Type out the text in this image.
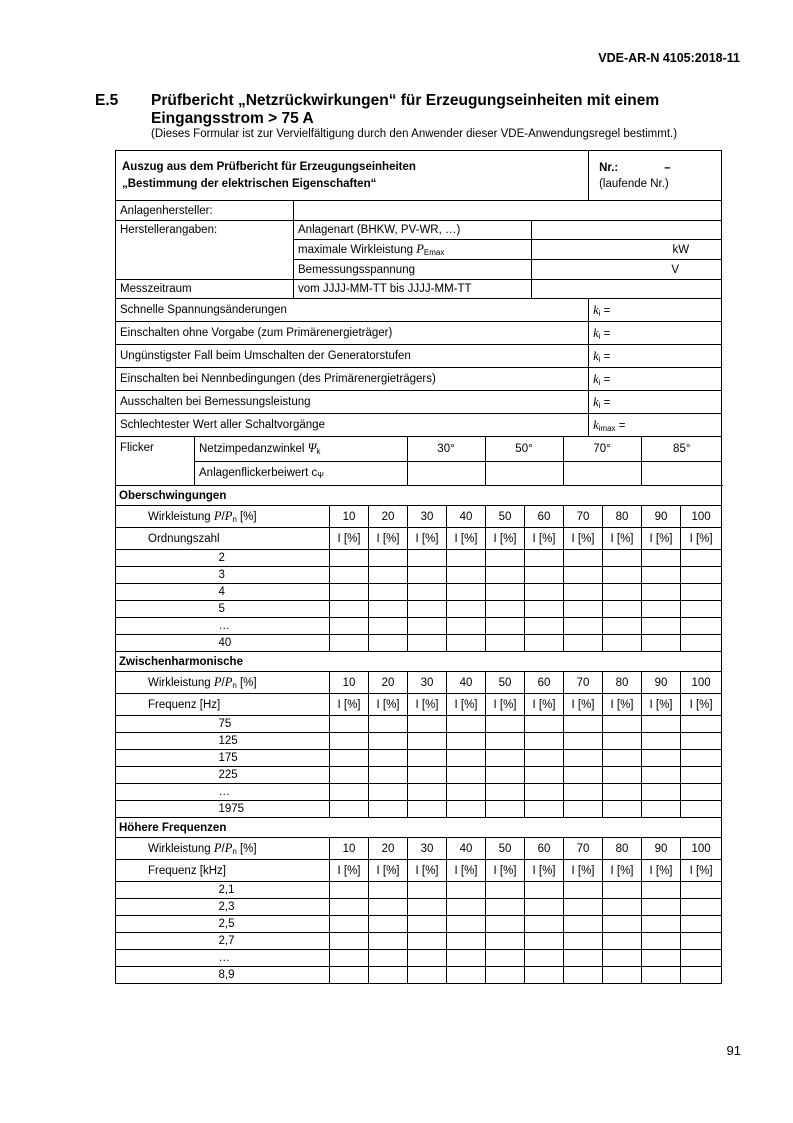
VDE-AR-N 4105:2018-11
E.5 Prüfbericht „Netzrückwirkungen“ für Erzeugungseinheiten mit einem Eingangsstrom > 75 A
(Dieses Formular ist zur Vervielfältigung durch den Anwender dieser VDE-Anwendungsregel bestimmt.)
Auszug aus dem Prüfbericht für Erzeugungseinheiten
„Bestimmung der elektrischen Eigenschaften“

Nr.:	–
(laufende Nr.)

Anlagenhersteller:	
Herstellerangaben:	Anlagenart (BHKW, PV-WR, …)	
maximale Wirkleistung $P_{Emax}$	kW
Bemessungsspannung	V
Messzeitraum	vom JJJJ-MM-TT bis JJJJ-MM-TT	
Schnelle Spannungsänderungen	$k_i$ =
Einschalten ohne Vorgabe (zum Primärenergieträger)	$k_i$ =
Ungünstigster Fall beim Umschalten der Generatorstufen	$k_i$ =
Einschalten bei Nennbedingungen (des Primärenergieträgers)	$k_i$ =
Ausschalten bei Bemessungsleistung	$k_i$ =
Schlechtester Wert aller Schaltvorgänge	$k_{imax}$ =
Flicker		Netzimpedanzwinkel $\Psi_k$	30°	50°	70°	85°
Anlagenflickerbeiwert $c_\Psi$				
Oberschwingungen											
Wirkleistung $P/P_n$ [%]		10	20	30	40	50	60	70	80	90	100
Ordnungszahl		I [%]	I [%]	I [%]	I [%]	I [%]	I [%]	I [%]	I [%]	I [%]	I [%]
	2										
	3										
	4										
	5										
	…										
	40										
Zwischenharmonische											
Wirkleistung $P/P_n$ [%]		10	20	30	40	50	60	70	80	90	100
Frequenz [Hz]		I [%]	I [%]	I [%]	I [%]	I [%]	I [%]	I [%]	I [%]	I [%]	I [%]
	75										
	125										
	175										
	225										
	…										
	1975										
Höhere Frequenzen											
Wirkleistung $P/P_n$ [%]		10	20	30	40	50	60	70	80	90	100
Frequenz [kHz]		I [%]	I [%]	I [%]	I [%]	I [%]	I [%]	I [%]	I [%]	I [%]	I [%]
	2,1										
	2,3										
	2,5										
	2,7										
	…										
	8,9										
91
